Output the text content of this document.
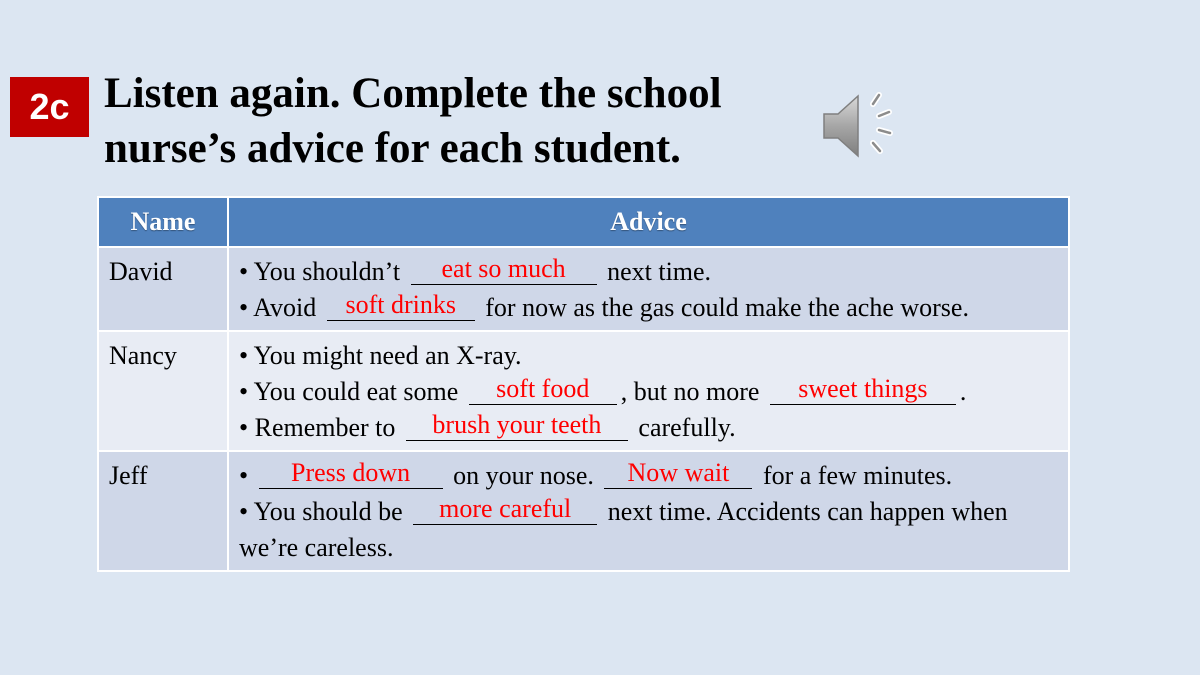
2c Listen again. Complete the school
nurse’s advice for each student.
Name	Advice
David	• You shouldn’t eat so much next time.
• Avoid soft drinks for now as the gas could make the ache worse.

Nancy	• You might need an X-ray.
• You could eat some soft food , but no more sweet things .
• Remember to brush your teeth carefully.

Jeff	• Press down on your nose. Now wait for a few minutes.
• You should be more careful next time. Accidents can happen when we’re careless.
